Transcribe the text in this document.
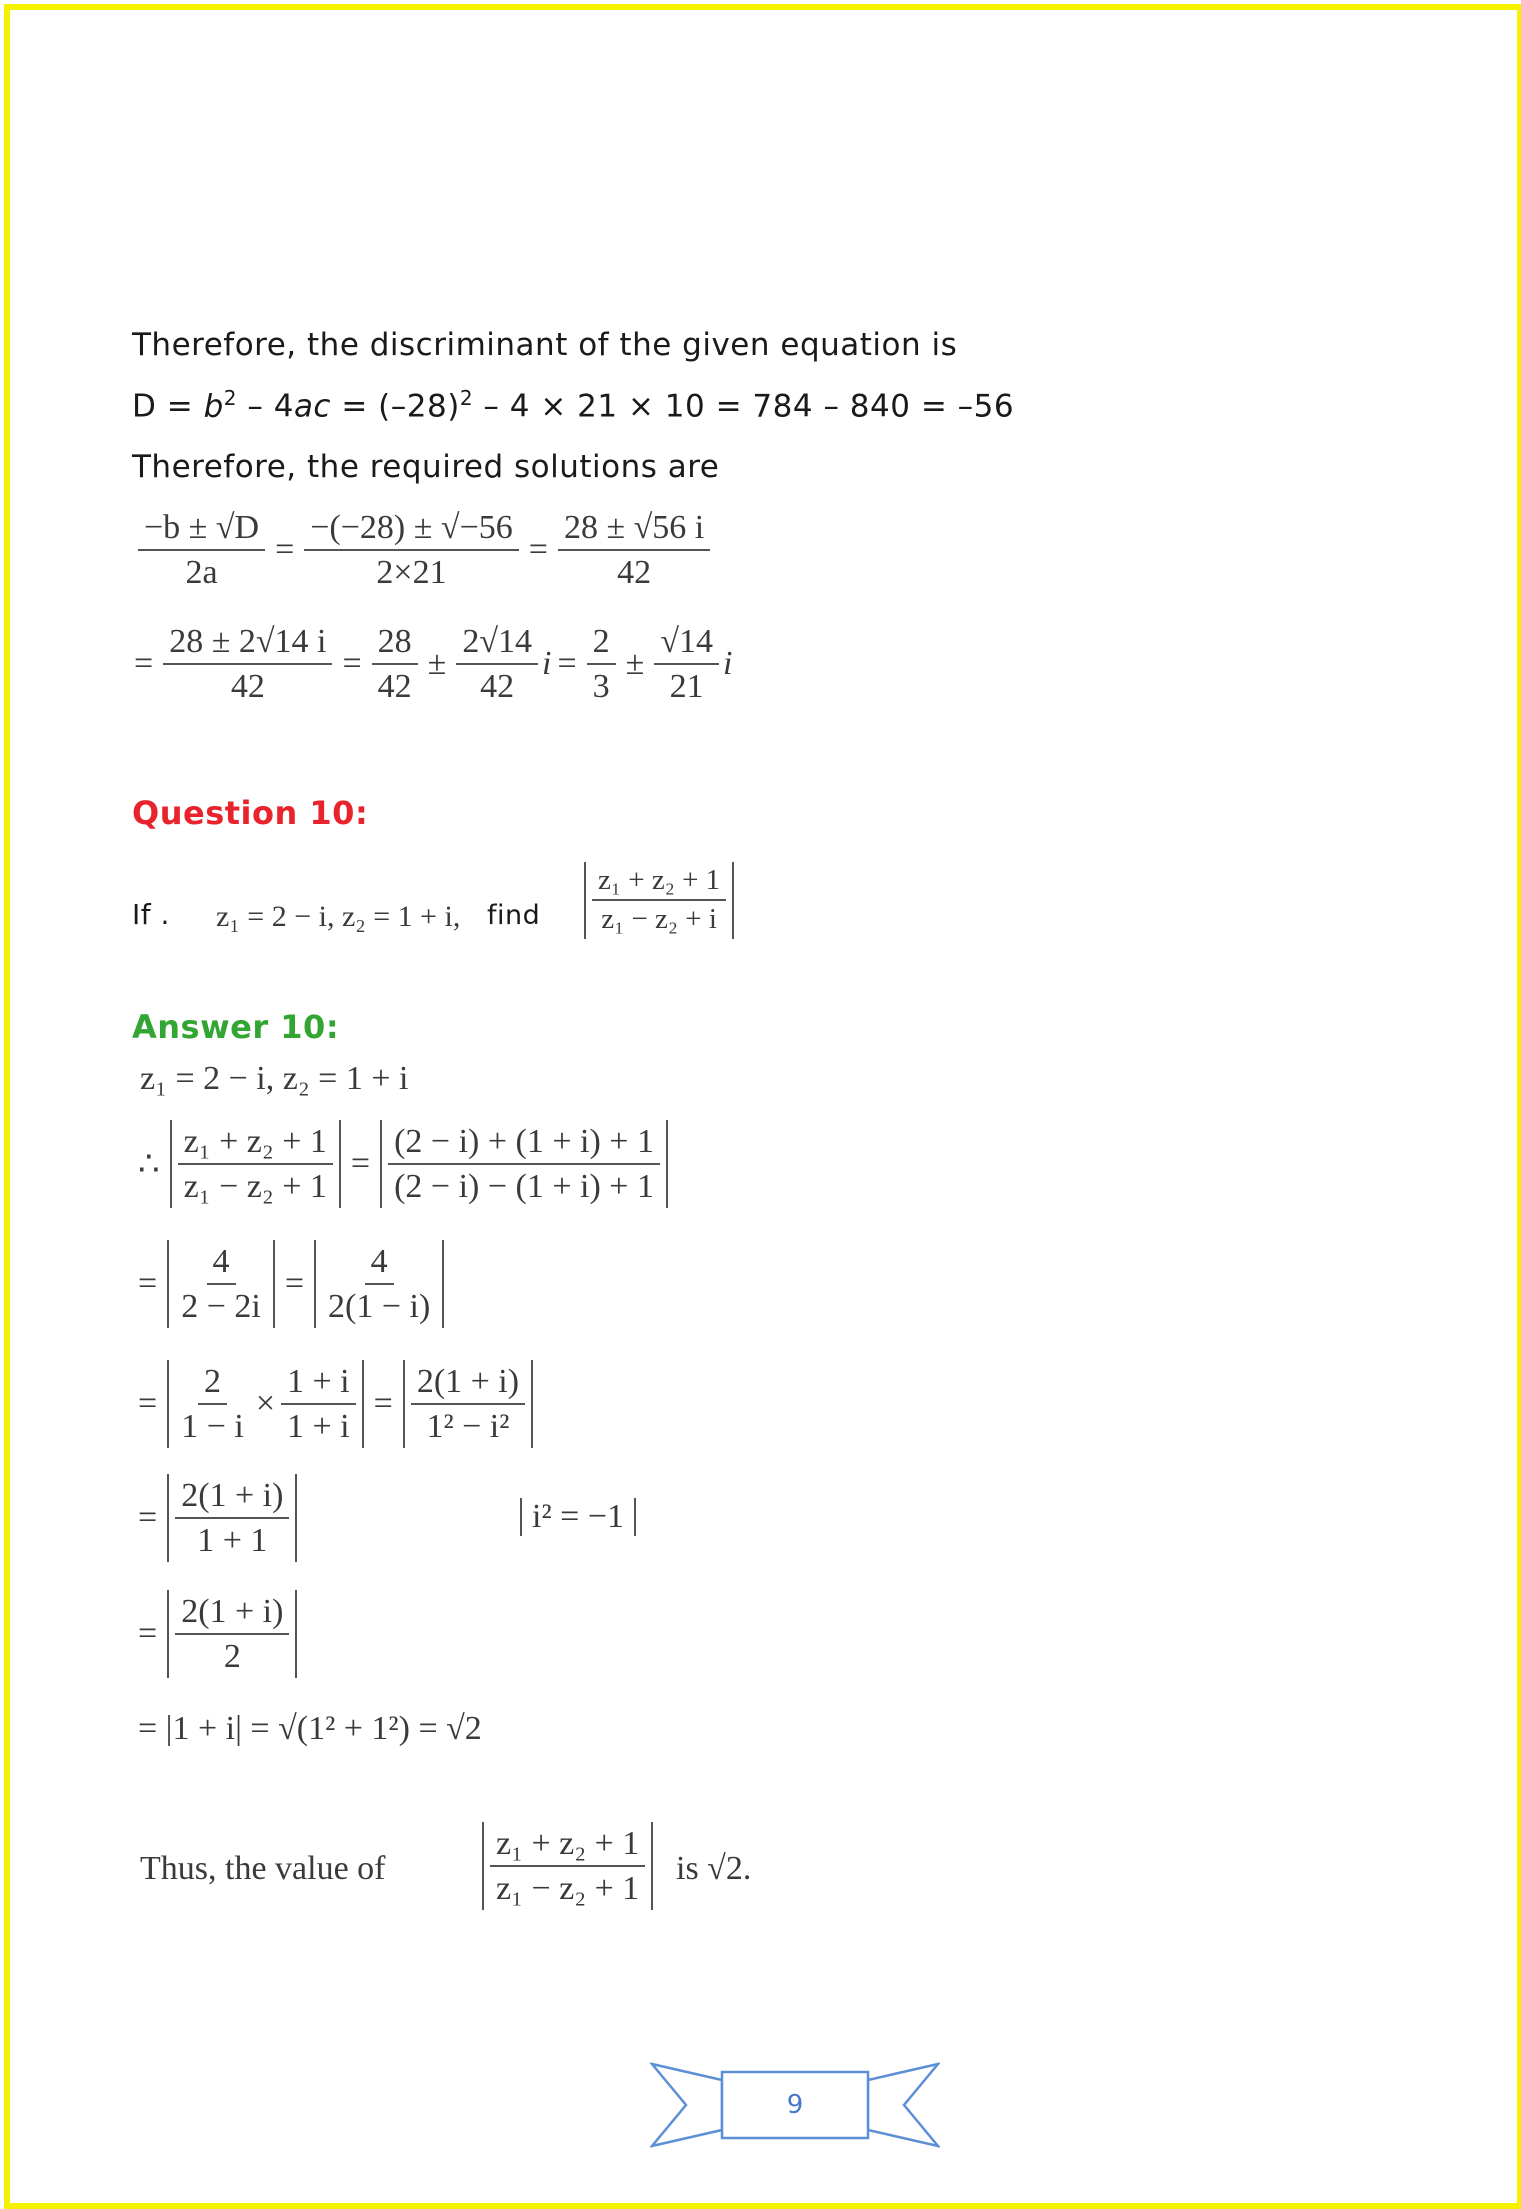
Therefore, the discriminant of the given equation is
$D = b^2 - 4ac = (-28)^2 - 4 \times 21 \times 10 = 784 - 840 = -56$
Therefore, the required solutions are
$\frac{-b \pm √D}{2a} = \frac{-(-28) \pm √-56}{2\times 21} = \frac{28 \pm √56 i}{42}$
= $\frac{28 \pm 2√14 i}{42} = \frac{28}{42} \pm \frac{2√14}{42}$ $i = \frac{2}{3} \pm \frac{√14}{21}$ i
Question 10:
If . z₁ = 2 − i, z₂ = 1 + i, find $\frac{\text{z₁ + z₂ + 1}}{\text{z₁ − z₂ + i}}$
Answer 10:
z₁ = 2 − i, z₂ = 1 + i
∴ $\frac{\text{z₁ + z₂ + 1}}{\text{z₁ − z₂ + 1}} = \frac{(2 - i) + (1 + i) + 1}{(2 - i) - (1 + i) + 1}$
= $\frac{4}{2 - 2i} = \frac{4}{2(1 - i)}$
= $\frac{2}{1 - i} \times \frac{1 + i}{1 + i} = \frac{2(1 + i)}{\text{1² − i²}}$
= $\frac{2(1 + i)}{1 + 1}$	i² = −1
= $\frac{2(1 + i)}{2}$
= |1 + i| = √(1² + 1²) = √2
Thus, the value of	$\frac{\text{z₁ + z₂ + 1}}{\text{z₁ − z₂ + 1}}$ is √2.
9
